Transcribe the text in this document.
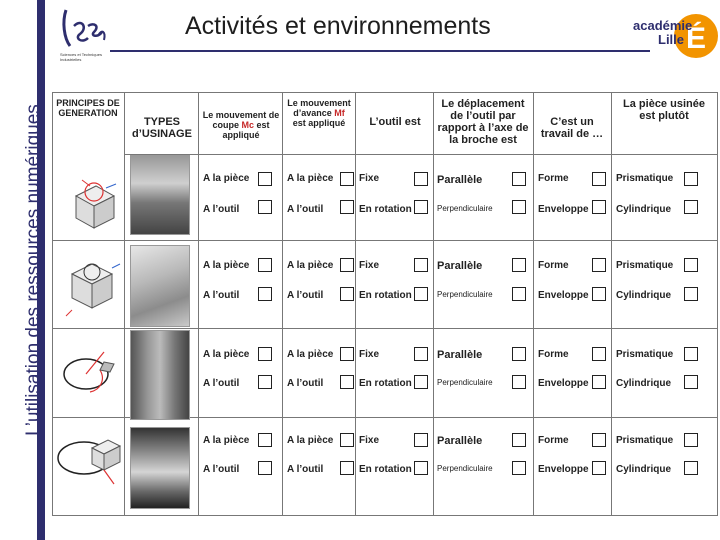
L’utilisation des ressources numériques
Sciences et Techniques Industrielles
Activités et environnements	É
académie
Lille
PRINCIPES DE GENERATION
TYPES d’USINAGE
Le mouvement de coupe Mc est appliqué
Le mouvement d’avance Mf est appliqué	L’outil est
Le déplacement de l’outil par rapport à l’axe de la broche est
C’est un travail de …
La pièce usinée est plutôt
A la pièce
A l’outil
A la pièce
A l’outil
Fixe
En rotation
Parallèle
Perpendiculaire
Forme
Enveloppe
Prismatique
Cylindrique
A la pièce
A l’outil
A la pièce
A l’outil
Fixe
En rotation
Parallèle
Perpendiculaire
Forme
Enveloppe
Prismatique
Cylindrique
A la pièce
A l’outil
A la pièce
A l’outil
Fixe
En rotation
Parallèle
Perpendiculaire
Forme
Enveloppe
Prismatique
Cylindrique
A la pièce
A l’outil
A la pièce
A l’outil
Fixe
En rotation
Parallèle
Perpendiculaire
Forme
Enveloppe
Prismatique
Cylindrique
